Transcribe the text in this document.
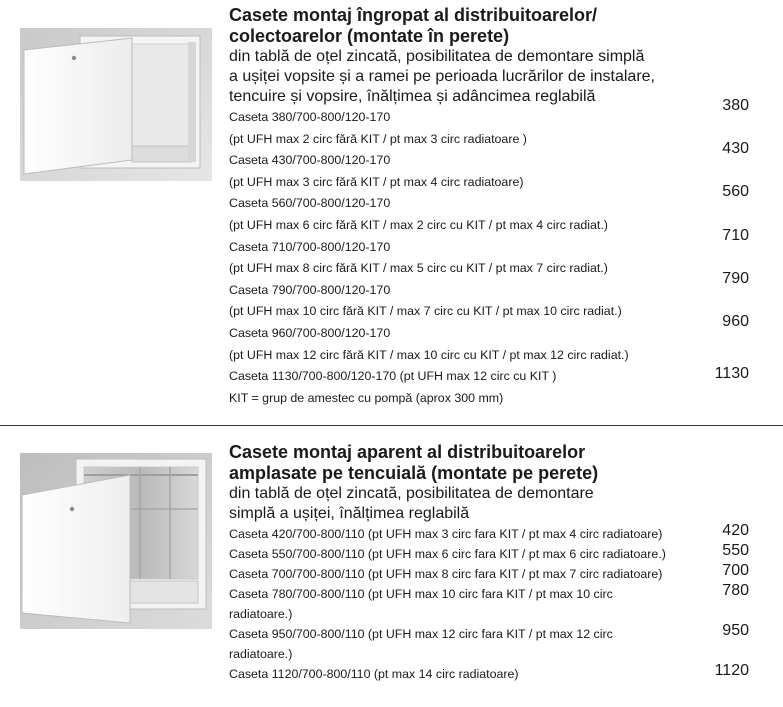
Casete montaj îngropat al distribuitoarelor/

colectoarelor (montate în perete)

din tablă de oțel zincată, posibilitatea de demontare simplă

a ușiței vopsite și a ramei pe perioada lucrărilor de instalare,

tencuire și vopsire, înălțimea și adâncimea reglabilă

Caseta 380/700-800/120-170
(pt UFH max 2 circ fără KIT / pt max 3 circ radiatoare )
380
Caseta 430/700-800/120-170
(pt UFH max 3 circ fără KIT / pt max 4 circ radiatoare)
430
Caseta 560/700-800/120-170
(pt UFH max 6 circ fără KIT / max 2 circ cu KIT / pt max 4 circ radiat.)
560
Caseta 710/700-800/120-170
(pt UFH max 8 circ fără KIT / max 5 circ cu KIT / pt max 7 circ radiat.)
710
Caseta 790/700-800/120-170
(pt UFH max 10 circ fără KIT / max 7 circ cu KIT / pt max 10 circ radiat.)
790
Caseta 960/700-800/120-170
(pt UFH max 12 circ fără KIT / max 10 circ cu KIT / pt max 12 circ radiat.)
960
Caseta 1130/700-800/120-170 (pt UFH max 12 circ cu KIT )	1130
KIT = grup de amestec cu pompă (aprox 300 mm)

Casete montaj aparent al distribuitoarelor

amplasate pe tencuială (montate pe perete)

din tablă de oțel zincată, posibilitatea de demontare

simplă a ușiței, înălțimea reglabilă

Caseta 420/700-800/110 (pt UFH max 3 circ fara KIT / pt max 4 circ radiatoare)	420
Caseta 550/700-800/110 (pt UFH max 6 circ fara KIT / pt max 6 circ radiatoare.)	550
Caseta 700/700-800/110 (pt UFH max 8 circ fara KIT / pt max 7 circ radiatoare)	700
Caseta 780/700-800/110 (pt UFH max 10 circ fara KIT / pt max 10 circ radiatoare.)
780
Caseta 950/700-800/110 (pt UFH max 12 circ fara KIT / pt max 12 circ radiatoare.)
950
Caseta 1120/700-800/110 (pt max 14 circ radiatoare)	1120
